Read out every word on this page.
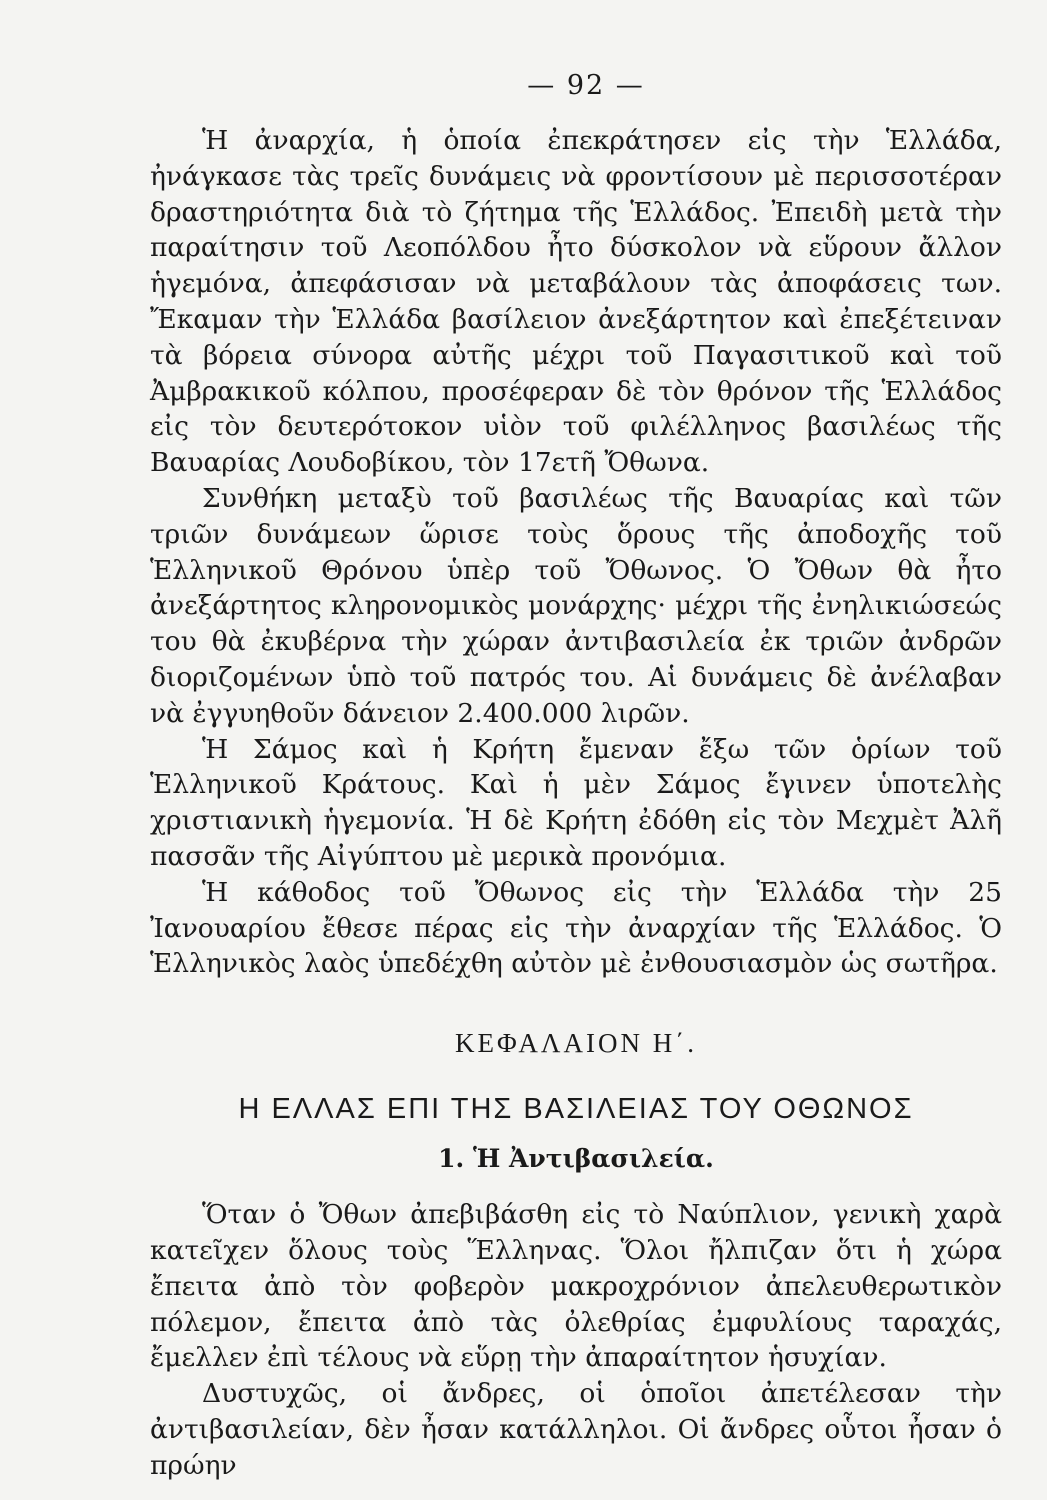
— 92 —

Ἡ ἀναρχία, ἡ ὁποία ἐπεκράτησεν εἰς τὴν Ἑλλάδα, ἠνάγκασε τὰς τρεῖς δυνάμεις νὰ φροντίσουν μὲ περισσοτέραν δραστηριότητα διὰ τὸ ζήτημα τῆς Ἑλλάδος. Ἐπειδὴ μετὰ τὴν παραίτησιν τοῦ Λεοπόλδου ἦτο δύσκολον νὰ εὕρουν ἄλλον ἡγεμόνα, ἀπεφάσισαν νὰ μεταβάλουν τὰς ἀποφάσεις των. Ἔκαμαν τὴν Ἑλλάδα βασίλειον ἀνεξάρτητον καὶ ἐπεξέτειναν τὰ βόρεια σύνορα αὐτῆς μέχρι τοῦ Παγασιτικοῦ καὶ τοῦ Ἀμβρακικοῦ κόλπου, προσέφεραν δὲ τὸν θρόνον τῆς Ἑλλάδος εἰς τὸν δευτερότοκον υἱὸν τοῦ φιλέλληνος βασιλέως τῆς Βαυαρίας Λουδοβίκου, τὸν 17ετῆ Ὄθωνα.

Συνθήκη μεταξὺ τοῦ βασιλέως τῆς Βαυαρίας καὶ τῶν τριῶν δυνάμεων ὥρισε τοὺς ὅρους τῆς ἀποδοχῆς τοῦ Ἑλληνικοῦ Θρόνου ὑπὲρ τοῦ Ὄθωνος. Ὁ Ὄθων θὰ ἦτο ἀνεξάρτητος κληρονομικὸς μονάρχης· μέχρι τῆς ἐνηλικιώσεώς του θὰ ἐκυβέρνα τὴν χώραν ἀντιβασιλεία ἐκ τριῶν ἀνδρῶν διοριζομένων ὑπὸ τοῦ πατρός του. Αἱ δυνάμεις δὲ ἀνέλαβαν νὰ ἐγγυηθοῦν δάνειον 2.400.000 λιρῶν.

Ἡ Σάμος καὶ ἡ Κρήτη ἔμεναν ἔξω τῶν ὁρίων τοῦ Ἑλληνικοῦ Κράτους. Καὶ ἡ μὲν Σάμος ἔγινεν ὑποτελὴς χριστιανικὴ ἡγεμονία. Ἡ δὲ Κρήτη ἐδόθη εἰς τὸν Μεχμὲτ Ἀλῆ πασσᾶν τῆς Αἰγύπτου μὲ μερικὰ προνόμια.

Ἡ κάθοδος τοῦ Ὄθωνος εἰς τὴν Ἑλλάδα τὴν 25 Ἰανουαρίου ἔθεσε πέρας εἰς τὴν ἀναρχίαν τῆς Ἑλλάδος. Ὁ Ἑλληνικὸς λαὸς ὑπεδέχθη αὐτὸν μὲ ἐνθουσιασμὸν ὡς σωτῆρα.

ΚΕΦΑΛΑΙΟΝ Η΄.
Η ΕΛΛΑΣ ΕΠΙ ΤΗΣ ΒΑΣΙΛΕΙΑΣ ΤΟΥ ΟΘΩΝΟΣ
1. Ἡ Ἀντιβασιλεία.

Ὅταν ὁ Ὄθων ἀπεβιβάσθη εἰς τὸ Ναύπλιον, γενικὴ χαρὰ κατεῖχεν ὅλους τοὺς Ἕλληνας. Ὅλοι ἤλπιζαν ὅτι ἡ χώρα ἔπειτα ἀπὸ τὸν φοβερὸν μακροχρόνιον ἀπελευθερωτικὸν πόλεμον, ἔπειτα ἀπὸ τὰς ὀλεθρίας ἐμφυλίους ταραχάς, ἔμελλεν ἐπὶ τέλους νὰ εὕρῃ τὴν ἀπαραίτητον ἡσυχίαν.

Δυστυχῶς, οἱ ἄνδρες, οἱ ὁποῖοι ἀπετέλεσαν τὴν ἀντιβασιλείαν, δὲν ἦσαν κατάλληλοι. Οἱ ἄνδρες οὗτοι ἦσαν ὁ πρώην
